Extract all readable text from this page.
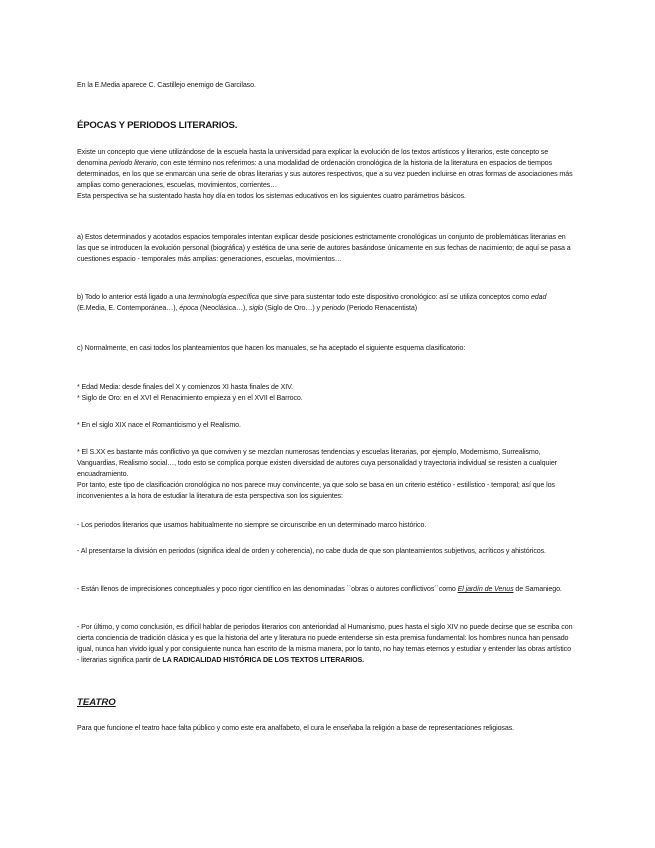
En la E.Media aparece C. Castillejo enemigo de Garcilaso.

ÉPOCAS Y PERIODOS LITERARIOS.

Existe un concepto que viene utilizándose de la escuela hasta la universidad para explicar la evolución de los textos artísticos y literarios, este concepto se denomina periodo literario, con este término nos referimos: a una modalidad de ordenación cronológica de la historia de la literatura en espacios de tiempos determinados, en los que se enmarcan una serie de obras literarias y sus autores respectivos, que a su vez pueden incluirse en otras formas de asociaciones más amplias como generaciones, escuelas, movimientos, corrientes…
Esta perspectiva se ha sustentado hasta hoy día en todos los sistemas educativos en los siguientes cuatro parámetros básicos.

a) Estos determinados y acotados espacios temporales intentan explicar desde posiciones estrictamente cronológicas un conjunto de problemáticas literarias en las que se introducen la evolución personal (biográfica) y estética de una serie de autores basándose únicamente en sus fechas de nacimiento; de aquí se pasa a cuestiones espacio - temporales más amplias: generaciones, escuelas, movimientos…

b) Todo lo anterior está ligado a una terminología específica que sirve para sustentar todo este dispositivo cronológico: así se utiliza conceptos como edad (E.Media, E. Contemporánea…), época (Neoclásica…), siglo (Siglo de Oro…) y periodo (Periodo Renacentista)

c) Normalmente, en casi todos los planteamientos que hacen los manuales, se ha aceptado el siguiente esquema clasificatorio:

* Edad Media: desde finales del X y comienzos XI hasta finales de XIV.
* Siglo de Oro: en el XVI el Renacimiento empieza y en el XVII el Barroco.

* En el siglo XIX nace el Romanticismo y el Realismo.

* El S.XX es bastante más conflictivo ya que conviven y se mezclan numerosas tendencias y escuelas literarias, por ejemplo, Modernismo, Surrealismo, Vanguardias, Realismo social…, todo esto se complica porque existen diversidad de autores cuya personalidad y trayectoria individual se resisten a cualquier encuadramiento.
Por tanto, este tipo de clasificación cronológica no nos parece muy convincente, ya que solo se basa en un criterio estético - estilístico - temporal; así que los inconvenientes a la hora de estudiar la literatura de esta perspectiva son los siguientes:

- Los periodos literarios que usamos habitualmente no siempre se circunscribe en un determinado marco histórico.

- Al presentarse la división en periodos (significa ideal de orden y coherencia), no cabe duda de que son planteamientos subjetivos, acríticos y ahistóricos.

- Están llenos de imprecisiones conceptuales y poco rigor científico en las denominadas ``obras o autores conflictivos´´como El jardín de Venus de Samaniego.

- Por último, y como conclusión, es difícil hablar de periodos literarios con anterioridad al Humanismo, pues hasta el siglo XIV no puede decirse que se escriba con cierta conciencia de tradición clásica y es que la historia del arte y literatura no puede entenderse sin esta premisa fundamental: los hombres nunca han pensado igual, nunca han vivido igual y por consiguiente nunca han escrito de la misma manera, por lo tanto, no hay temas eternos y estudiar y entender las obras artístico - literarias significa partir de LA RADICALIDAD HISTÓRICA DE LOS TEXTOS LITERARIOS.

TEATRO

Para que funcione el teatro hace falta público y como este era analfabeto, el cura le enseñaba la religión a base de representaciones religiosas.
